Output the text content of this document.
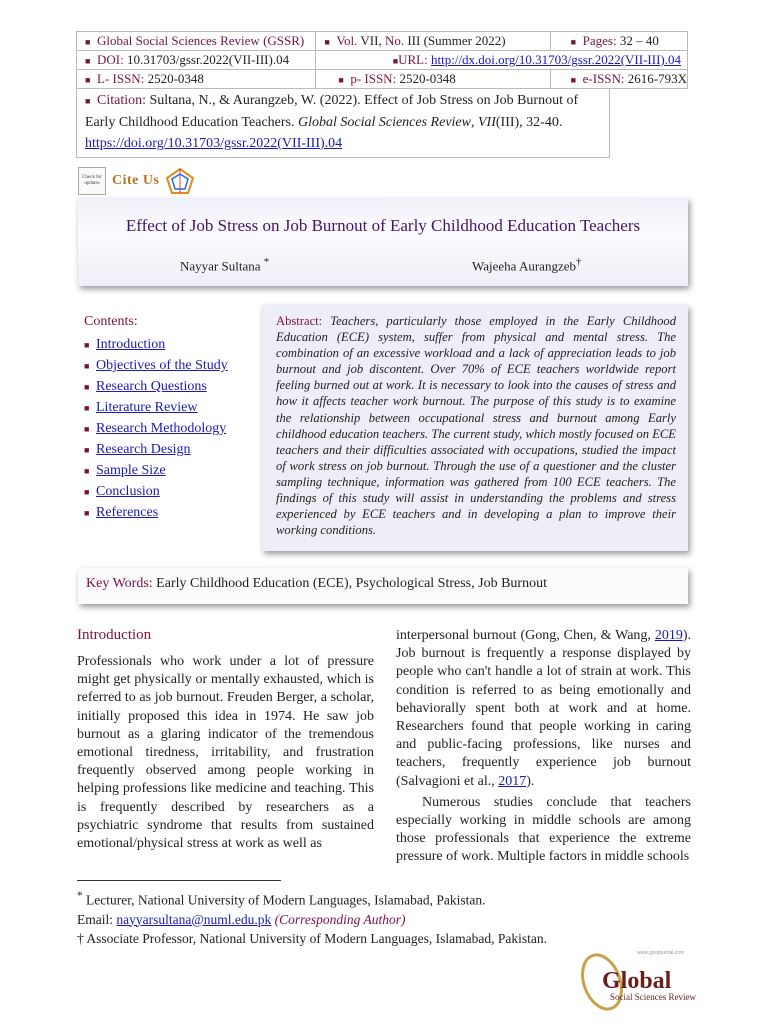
■ Global Social Sciences Review (GSSR)	■ Vol. VII, No. III (Summer 2022)	■ Pages: 32 – 40
■ DOI: 10.31703/gssr.2022(VII-III).04	■URL: http://dx.doi.org/10.31703/gssr.2022(VII-III).04	
■ L- ISSN: 2520-0348	■ p- ISSN: 2520-0348	■ e-ISSN: 2616-793X
■ Citation: Sultana, N., & Aurangzeb, W. (2022). Effect of Job Stress on Job Burnout of Early Childhood Education Teachers. Global Social Sciences Review, VII(III), 32-40.
https://doi.org/10.31703/gssr.2022(VII-III).04
Check for updates Cite Us
Effect of Job Stress on Job Burnout of Early Childhood Education Teachers
Nayyar Sultana *	Wajeeha Aurangzeb†
Contents:
■ Introduction
■ Objectives of the Study
■ Research Questions
■ Literature Review
■ Research Methodology
■ Research Design
■ Sample Size
■ Conclusion
■ References

Abstract: Teachers, particularly those employed in the Early Childhood Education (ECE) system, suffer from physical and mental stress. The combination of an excessive workload and a lack of appreciation leads to job burnout and job discontent. Over 70% of ECE teachers worldwide report feeling burned out at work. It is necessary to look into the causes of stress and how it affects teacher work burnout. The purpose of this study is to examine the relationship between occupational stress and burnout among Early childhood education teachers. The current study, which mostly focused on ECE teachers and their difficulties associated with occupations, studied the impact of work stress on job burnout. Through the use of a questioner and the cluster sampling technique, information was gathered from 100 ECE teachers. The findings of this study will assist in understanding the problems and stress experienced by ECE teachers and in developing a plan to improve their working conditions.

Key Words: Early Childhood Education (ECE), Psychological Stress, Job Burnout
Introduction

Professionals who work under a lot of pressure might get physically or mentally exhausted, which is referred to as job burnout. Freuden Berger, a scholar, initially proposed this idea in 1974. He saw job burnout as a glaring indicator of the tremendous emotional tiredness, irritability, and frustration frequently observed among people working in helping professions like medicine and teaching. This is frequently described by researchers as a psychiatric syndrome that results from sustained emotional/physical stress at work as well as

interpersonal burnout (Gong, Chen, & Wang, 2019). Job burnout is frequently a response displayed by people who can't handle a lot of strain at work. This condition is referred to as being emotionally and behaviorally spent both at work and at home. Researchers found that people working in caring and public-facing professions, like nurses and teachers, frequently experience job burnout (Salvagioni et al., 2017).

Numerous studies conclude that teachers especially working in middle schools are among those professionals that experience the extreme pressure of work. Multiple factors in middle schools

* Lecturer, National University of Modern Languages, Islamabad, Pakistan.
Email: nayyarsultana@numl.edu.pk (Corresponding Author)
† Associate Professor, National University of Modern Languages, Islamabad, Pakistan.
www.gssrjournal.com
Global
Social Sciences Review
